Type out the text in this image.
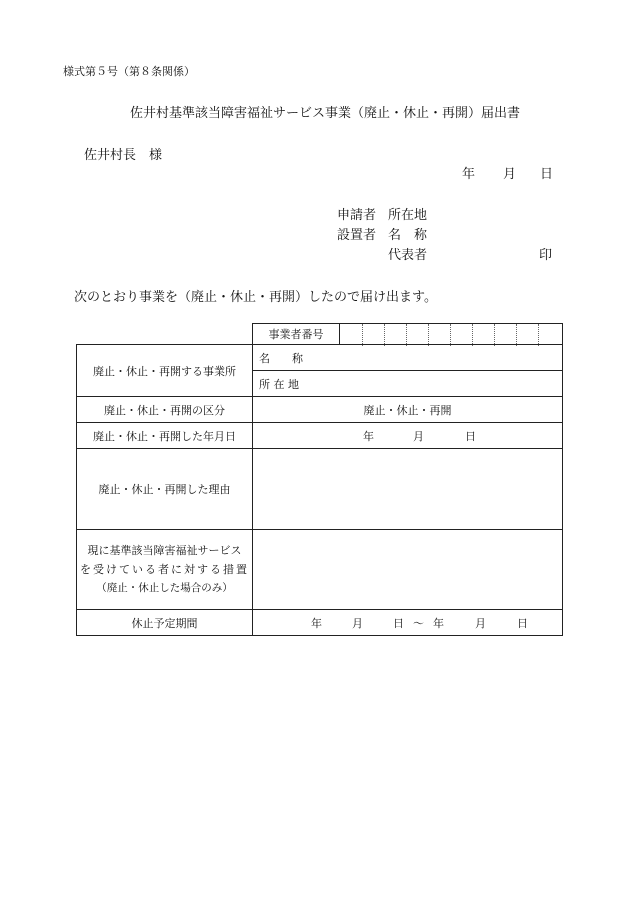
様式第５号（第８条関係）
佐井村基準該当障害福祉サービス事業（廃止・休止・再開）届出書
佐井村長　様
年 月 日
申請者 所在地
設置者 名　称
代表者	印
次のとおり事業を（廃止・休止・再開）したので届け出ます。
事業者番号
廃止・休止・再開する事業所
名　　称
所 在 地
廃止・休止・再開の区分	廃止・休止・再開
廃止・休止・再開した年月日	年	月	日
廃止・休止・再開した理由
現に基準該当障害福祉サービス
を受けている者に対する措置
（廃止・休止した場合のみ）
休止予定期間	年	月	日 ～ 年	月	日
